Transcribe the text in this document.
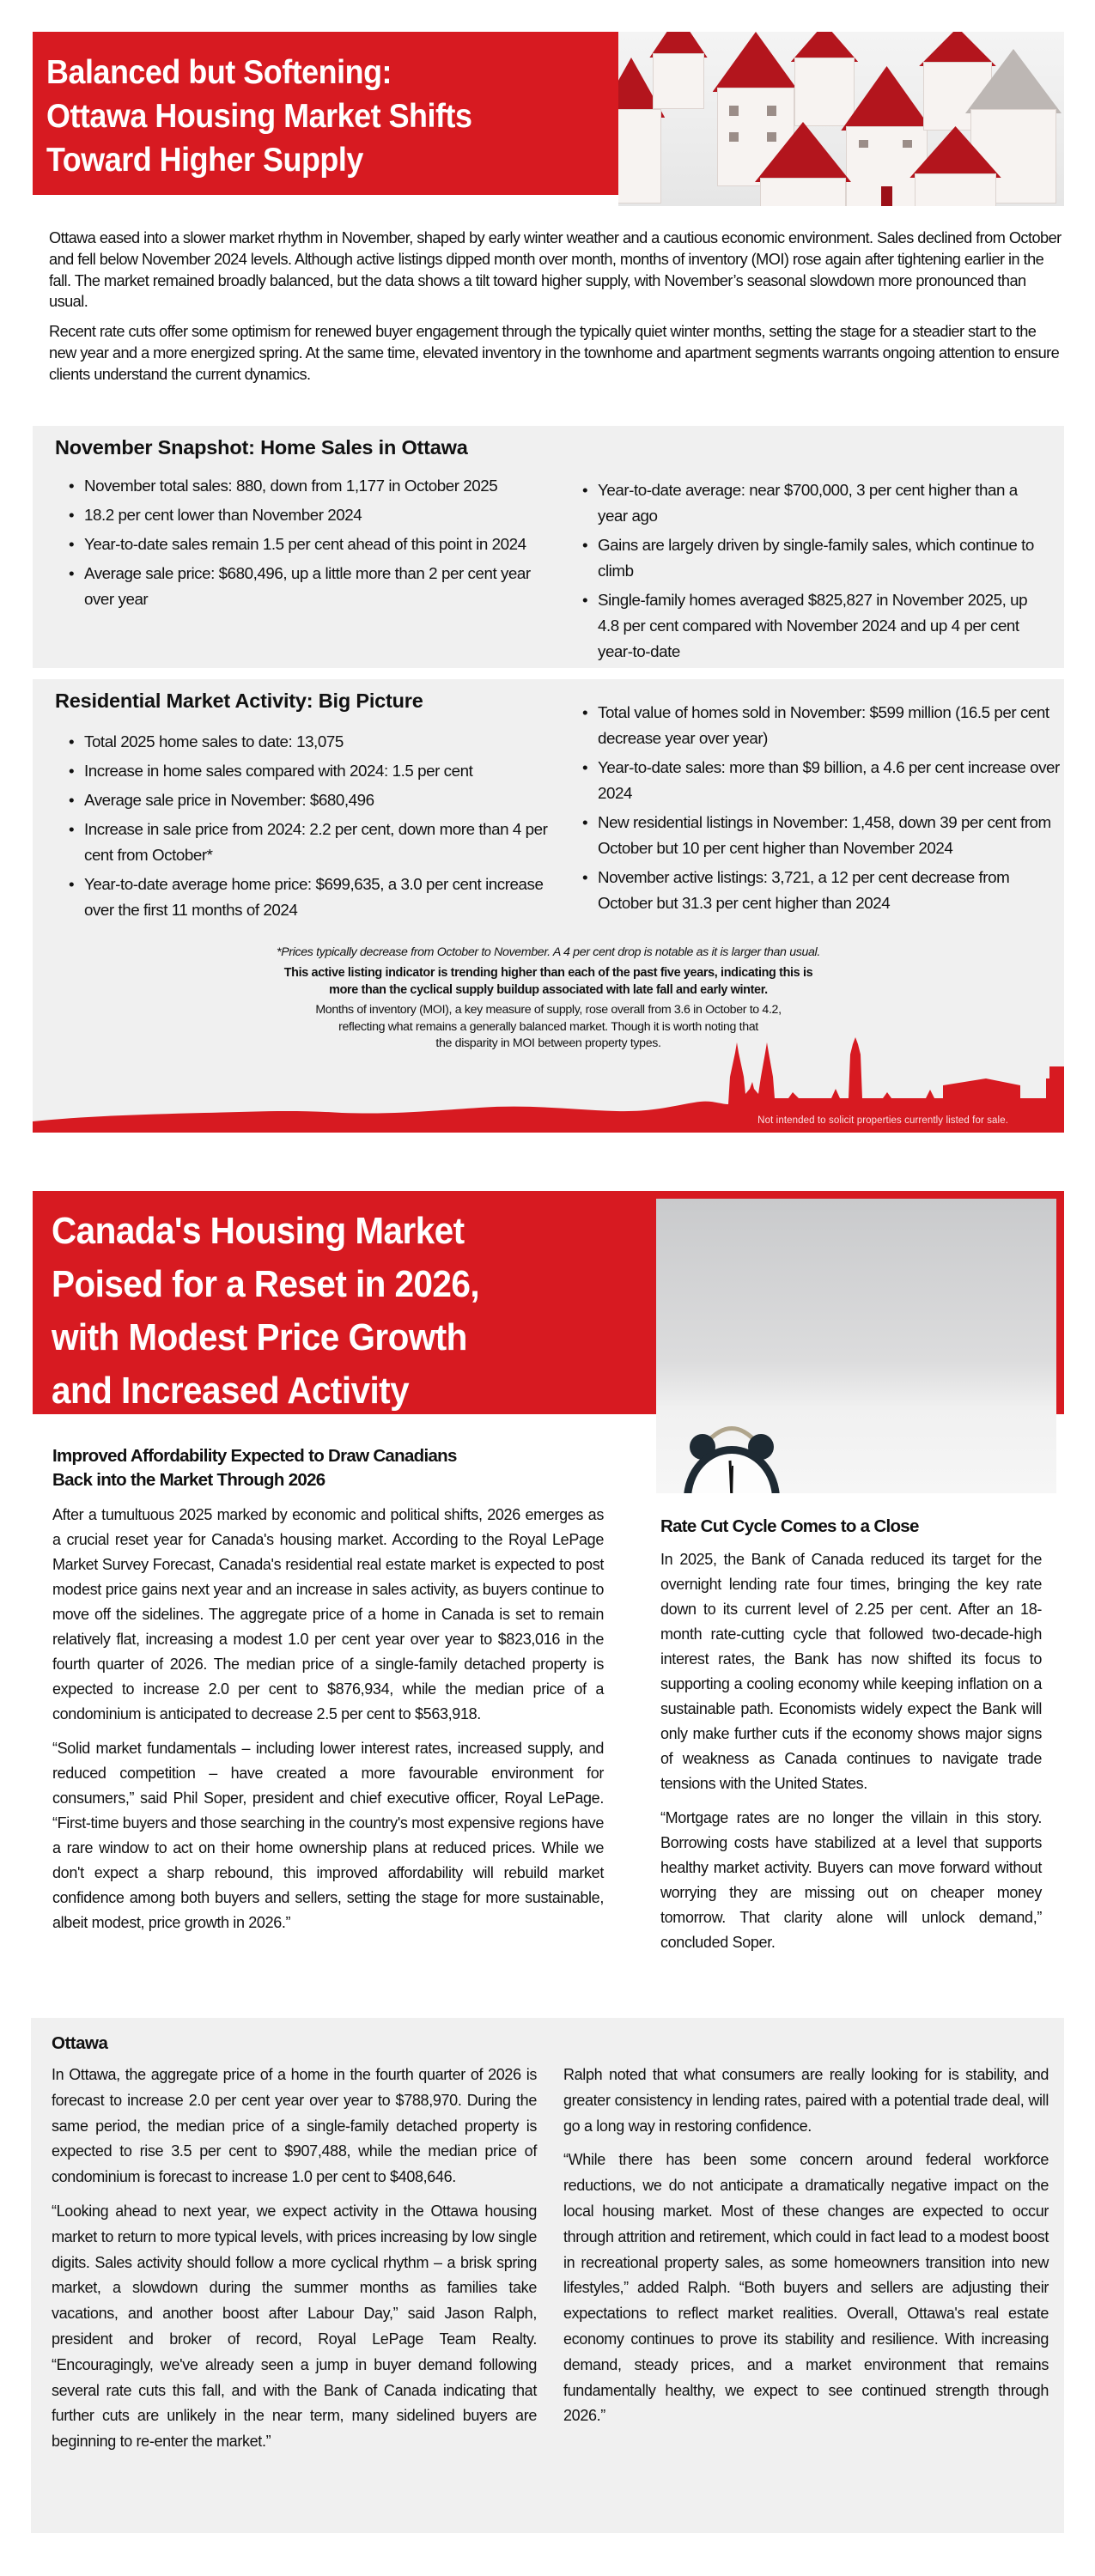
Balanced but Softening:
Ottawa Housing Market Shifts
Toward Higher Supply

Ottawa eased into a slower market rhythm in November, shaped by early winter weather and a cautious economic environment. Sales declined from October and fell below November 2024 levels. Although active listings dipped month over month, months of inventory (MOI) rose again after tightening earlier in the fall. The market remained broadly balanced, but the data shows a tilt toward higher supply, with November’s seasonal slowdown more pronounced than usual.

Recent rate cuts offer some optimism for renewed buyer engagement through the typically quiet winter months, setting the stage for a steadier start to the new year and a more energized spring. At the same time, elevated inventory in the townhome and apartment segments warrants ongoing attention to ensure clients understand the current dynamics.

November Snapshot: Home Sales in Ottawa
• November total sales: 880, down from 1,177 in October 2025
• 18.2 per cent lower than November 2024
• Year-to-date sales remain 1.5 per cent ahead of this point in 2024
• Average sale price: $680,496, up a little more than 2 per cent year over year
• Year-to-date average: near $700,000, 3 per cent higher than a year ago
• Gains are largely driven by single-family sales, which continue to climb
• Single-family homes averaged $825,827 in November 2025, up 4.8 per cent compared with November 2024 and up 4 per cent year-to-date
Residential Market Activity: Big Picture
• Total 2025 home sales to date: 13,075
• Increase in home sales compared with 2024: 1.5 per cent
• Average sale price in November: $680,496
• Increase in sale price from 2024: 2.2 per cent, down more than 4 per cent from October*
• Year-to-date average home price: $699,635, a 3.0 per cent increase over the first 11 months of 2024
• Total value of homes sold in November: $599 million (16.5 per cent decrease year over year)
• Year-to-date sales: more than $9 billion, a 4.6 per cent increase over 2024
• New residential listings in November: 1,458, down 39 per cent from October but 10 per cent higher than November 2024
• November active listings: 3,721, a 12 per cent decrease from October but 31.3 per cent higher than 2024
*Prices typically decrease from October to November. A 4 per cent drop is notable as it is larger than usual.
This active listing indicator is trending higher than each of the past five years, indicating this is
more than the cyclical supply buildup associated with late fall and early winter.
Months of inventory (MOI), a key measure of supply, rose overall from 3.6 in October to 4.2,
reflecting what remains a generally balanced market. Though it is worth noting that
the disparity in MOI between property types.
Not intended to solicit properties currently listed for sale.
Canada's Housing Market
Poised for a Reset in 2026,
with Modest Price Growth
and Increased Activity
Improved Affordability Expected to Draw Canadians
Back into the Market Through 2026

After a tumultuous 2025 marked by economic and political shifts, 2026 emerges as a crucial reset year for Canada's housing market. According to the Royal LePage Market Survey Forecast, Canada's residential real estate market is expected to post modest price gains next year and an increase in sales activity, as buyers continue to move off the sidelines. The aggregate price of a home in Canada is set to remain relatively flat, increasing a modest 1.0 per cent year over year to $823,016 in the fourth quarter of 2026. The median price of a single-family detached property is expected to increase 2.0 per cent to $876,934, while the median price of a condominium is anticipated to decrease 2.5 per cent to $563,918.

“Solid market fundamentals – including lower interest rates, increased supply, and reduced competition – have created a more favourable environment for consumers,” said Phil Soper, president and chief executive officer, Royal LePage. “First-time buyers and those searching in the country's most expensive regions have a rare window to act on their home ownership plans at reduced prices. While we don't expect a sharp rebound, this improved affordability will rebuild market confidence among both buyers and sellers, setting the stage for more sustainable, albeit modest, price growth in 2026.”

Rate Cut Cycle Comes to a Close

In 2025, the Bank of Canada reduced its target for the overnight lending rate four times, bringing the key rate down to its current level of 2.25 per cent. After an 18-month rate-cutting cycle that followed two-decade-high interest rates, the Bank has now shifted its focus to supporting a cooling economy while keeping inflation on a sustainable path. Economists widely expect the Bank will only make further cuts if the economy shows major signs of weakness as Canada continues to navigate trade tensions with the United States.

“Mortgage rates are no longer the villain in this story. Borrowing costs have stabilized at a level that supports healthy market activity. Buyers can move forward without worrying they are missing out on cheaper money tomorrow. That clarity alone will unlock demand,” concluded Soper.

Ottawa

In Ottawa, the aggregate price of a home in the fourth quarter of 2026 is forecast to increase 2.0 per cent year over year to $788,970. During the same period, the median price of a single-family detached property is expected to rise 3.5 per cent to $907,488, while the median price of condominium is forecast to increase 1.0 per cent to $408,646.

“Looking ahead to next year, we expect activity in the Ottawa housing market to return to more typical levels, with prices increasing by low single digits. Sales activity should follow a more cyclical rhythm – a brisk spring market, a slowdown during the summer months as families take vacations, and another boost after Labour Day,” said Jason Ralph, president and broker of record, Royal LePage Team Realty. “Encouragingly, we've already seen a jump in buyer demand following several rate cuts this fall, and with the Bank of Canada indicating that further cuts are unlikely in the near term, many sidelined buyers are beginning to re-enter the market.”

Ralph noted that what consumers are really looking for is stability, and greater consistency in lending rates, paired with a potential trade deal, will go a long way in restoring confidence.

“While there has been some concern around federal workforce reductions, we do not anticipate a dramatically negative impact on the local housing market. Most of these changes are expected to occur through attrition and retirement, which could in fact lead to a modest boost in recreational property sales, as some homeowners transition into new lifestyles,” added Ralph. “Both buyers and sellers are adjusting their expectations to reflect market realities. Overall, Ottawa's real estate economy continues to prove its stability and resilience. With increasing demand, steady prices, and a market environment that remains fundamentally healthy, we expect to see continued strength through 2026.”
